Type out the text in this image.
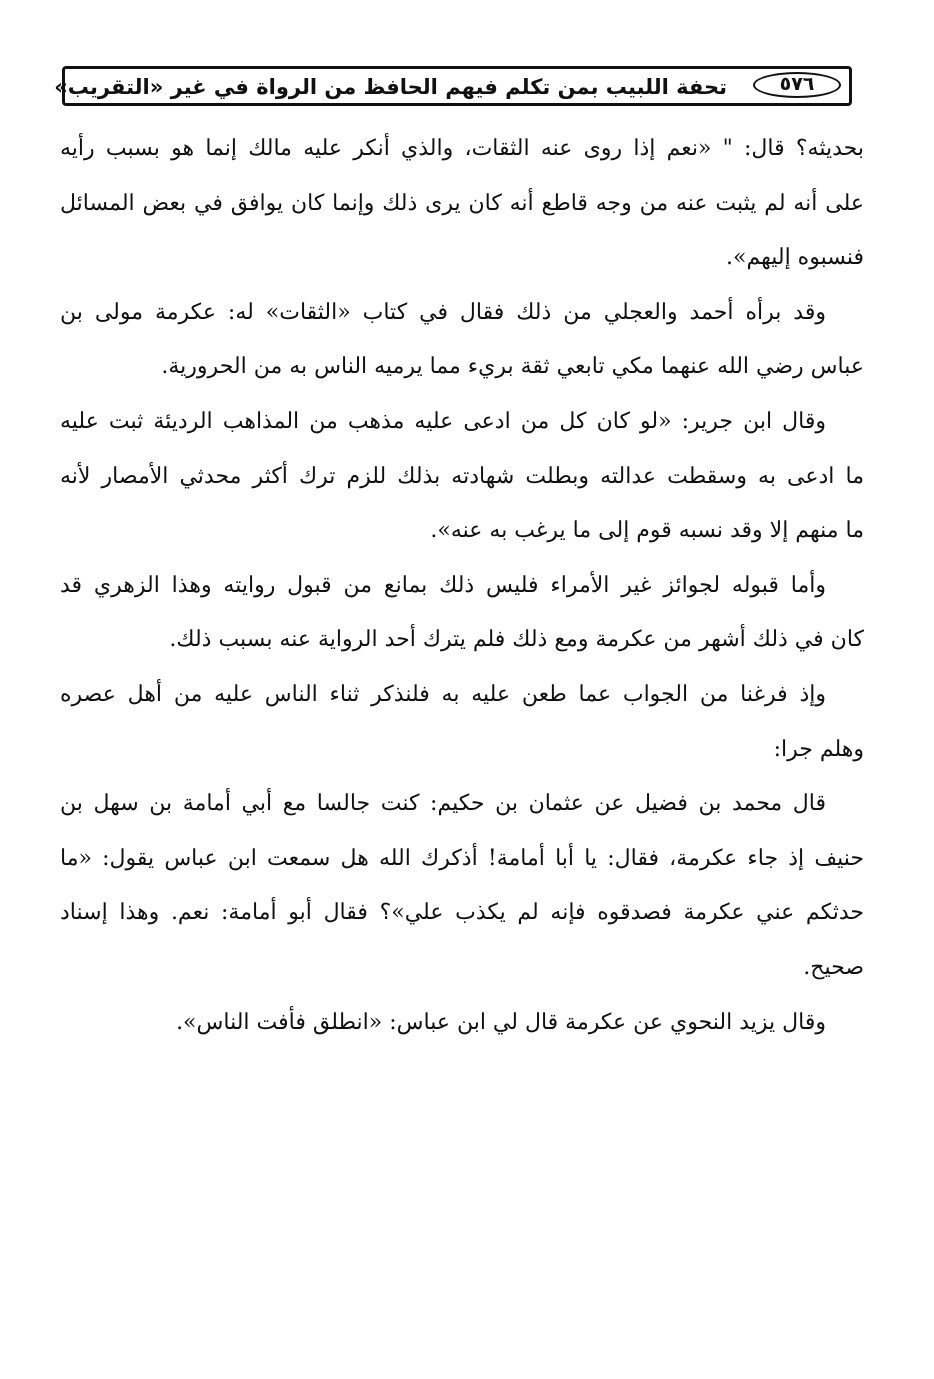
٥٧٦
تحفة اللبيب بمن تكلم فيهم الحافظ من الرواة في غير «التقريب»
بحديثه؟ قال: " «نعم إذا روى عنه الثقات، والذي أنكر عليه مالك إنما هو بسبب رأيه
على أنه لم يثبت عنه من وجه قاطع أنه كان يرى ذلك وإنما كان يوافق في بعض المسائل
فنسبوه إليهم».
وقد برأه أحمد والعجلي من ذلك فقال في كتاب «الثقات» له: عكرمة مولى بن
عباس رضي الله عنهما مكي تابعي ثقة بريء مما يرميه الناس به من الحرورية.
وقال ابن جرير: «لو كان كل من ادعى عليه مذهب من المذاهب الرديئة ثبت عليه
ما ادعى به وسقطت عدالته وبطلت شهادته بذلك للزم ترك أكثر محدثي الأمصار لأنه
ما منهم إلا وقد نسبه قوم إلى ما يرغب به عنه».
وأما قبوله لجوائز غير الأمراء فليس ذلك بمانع من قبول روايته وهذا الزهري قد
كان في ذلك أشهر من عكرمة ومع ذلك فلم يترك أحد الرواية عنه بسبب ذلك.
وإذ فرغنا من الجواب عما طعن عليه به فلنذكر ثناء الناس عليه من أهل عصره
وهلم جرا:
قال محمد بن فضيل عن عثمان بن حكيم: كنت جالسا مع أبي أمامة بن سهل بن
حنيف إذ جاء عكرمة، فقال: يا أبا أمامة! أذكرك الله هل سمعت ابن عباس يقول: «ما
حدثكم عني عكرمة فصدقوه فإنه لم يكذب علي»؟ فقال أبو أمامة: نعم. وهذا إسناد
صحيح.
وقال يزيد النحوي عن عكرمة قال لي ابن عباس: «انطلق فأفت الناس».
